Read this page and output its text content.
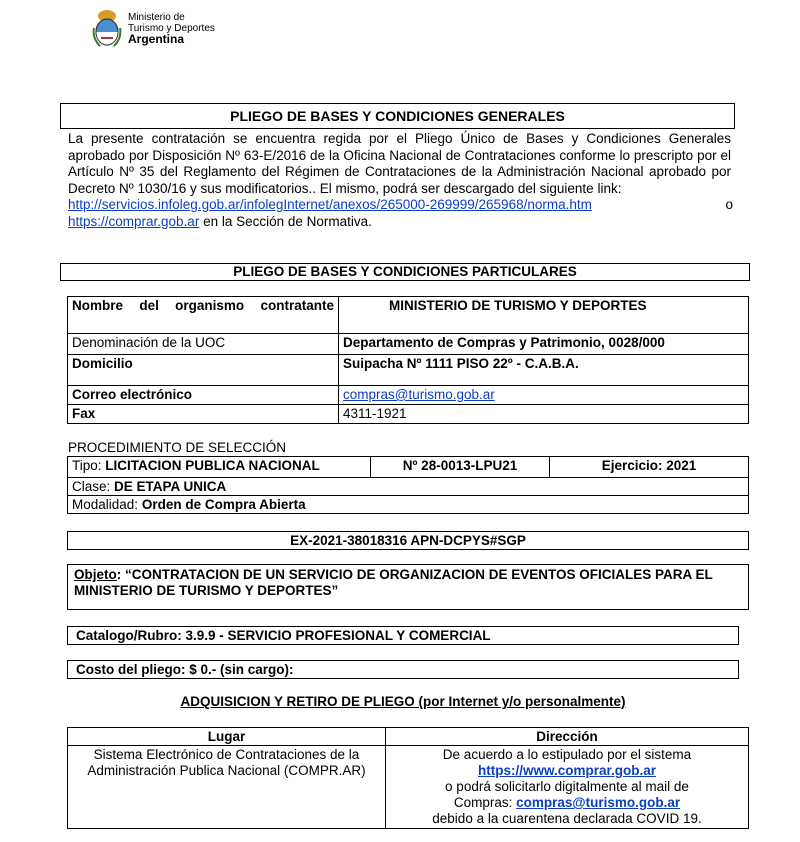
Ministerio de
Turismo y Deportes
Argentina
PLIEGO DE BASES Y CONDICIONES GENERALES
La presente contratación se encuentra regida por el Pliego Único de Bases y Condiciones Generales aprobado por Disposición Nº 63-E/2016 de la Oficina Nacional de Contrataciones conforme lo prescripto por el Artículo Nº 35 del Reglamento del Régimen de Contrataciones de la Administración Nacional aprobado por Decreto Nº 1030/16 y sus modificatorios.. El mismo, podrá ser descargado del siguiente link:

http://servicios.infoleg.gob.ar/infolegInternet/anexos/265000-269999/265968/norma.htm	o
https://comprar.gob.ar en la Sección de Normativa.
PLIEGO DE BASES Y CONDICIONES PARTICULARES
Nombre del organismo contratante	MINISTERIO DE TURISMO Y DEPORTES
Denominación de la UOC	Departamento de Compras y Patrimonio, 0028/000
Domicilio	Suipacha Nº 1111 PISO 22º - C.A.B.A.
Correo electrónico	compras@turismo.gob.ar
Fax	4311-1921
PROCEDIMIENTO DE SELECCIÓN
Tipo: LICITACION PUBLICA NACIONAL	Nº 28-0013-LPU21	Ejercicio: 2021
Clase: DE ETAPA UNICA
Modalidad: Orden de Compra Abierta
EX-2021-38018316 APN-DCPYS#SGP
Objeto: “CONTRATACION DE UN SERVICIO DE ORGANIZACION DE EVENTOS OFICIALES PARA EL MINISTERIO DE TURISMO Y DEPORTES”
Catalogo/Rubro: 3.9.9 - SERVICIO PROFESIONAL Y COMERCIAL
Costo del pliego: $ 0.- (sin cargo):
ADQUISICION Y RETIRO DE PLIEGO (por Internet y/o personalmente)
Lugar	Dirección
Sistema Electrónico de Contrataciones de la Administración Publica Nacional (COMPR.AR)	De acuerdo a lo estipulado por el sistema
https://www.comprar.gob.ar
o podrá solicitarlo digitalmente al mail de
Compras: compras@turismo.gob.ar
debido a la cuarentena declarada COVID 19.
